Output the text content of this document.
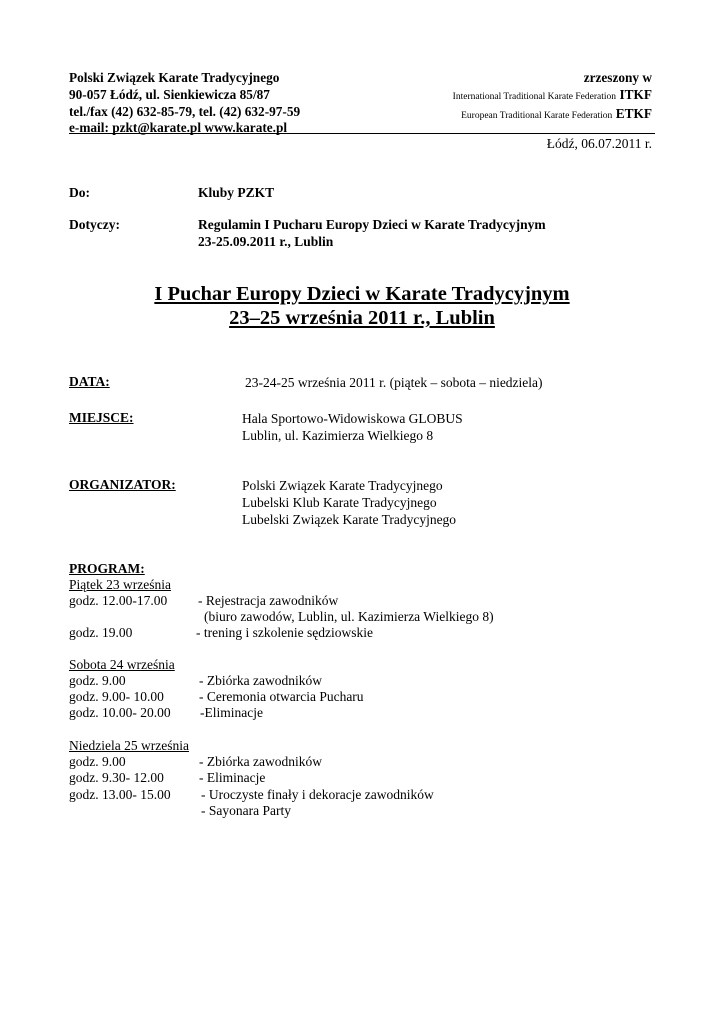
Polski Związek Karate Tradycyjnego
90-057 Łódź, ul. Sienkiewicza 85/87
tel./fax (42) 632-85-79, tel. (42) 632-97-59
e-mail: pzkt@karate.pl www.karate.pl
zrzeszony w
International Traditional Karate Federation ITKF
European Traditional Karate Federation ETKF
Łódź, 06.07.2011 r.
Do:	Kluby PZKT
Dotyczy:	Regulamin I Pucharu Europy Dzieci w Karate Tradycyjnym
23-25.09.2011 r., Lublin
I Puchar Europy Dzieci w Karate Tradycyjnym
23–25 września 2011 r., Lublin
DATA:	23-24-25 września 2011 r. (piątek – sobota – niedziela)
MIEJSCE:	Hala Sportowo-Widowiskowa GLOBUS
Lublin, ul. Kazimierza Wielkiego 8
ORGANIZATOR:	Polski Związek Karate Tradycyjnego
Lubelski Klub Karate Tradycyjnego
Lubelski Związek Karate Tradycyjnego
PROGRAM:
Piątek 23 września
godz. 12.00-17.00 - Rejestracja zawodników
(biuro zawodów, Lublin, ul. Kazimierza Wielkiego 8)
godz. 19.00	- trening i szkolenie sędziowskie
Sobota 24 września
godz. 9.00	- Zbiórka zawodników
godz. 9.00- 10.00	- Ceremonia otwarcia Pucharu
godz. 10.00- 20.00 -Eliminacje
Niedziela 25 września
godz. 9.00	- Zbiórka zawodników
godz. 9.30- 12.00	- Eliminacje
godz. 13.00- 15.00 - Uroczyste finały i dekoracje zawodników
- Sayonara Party
